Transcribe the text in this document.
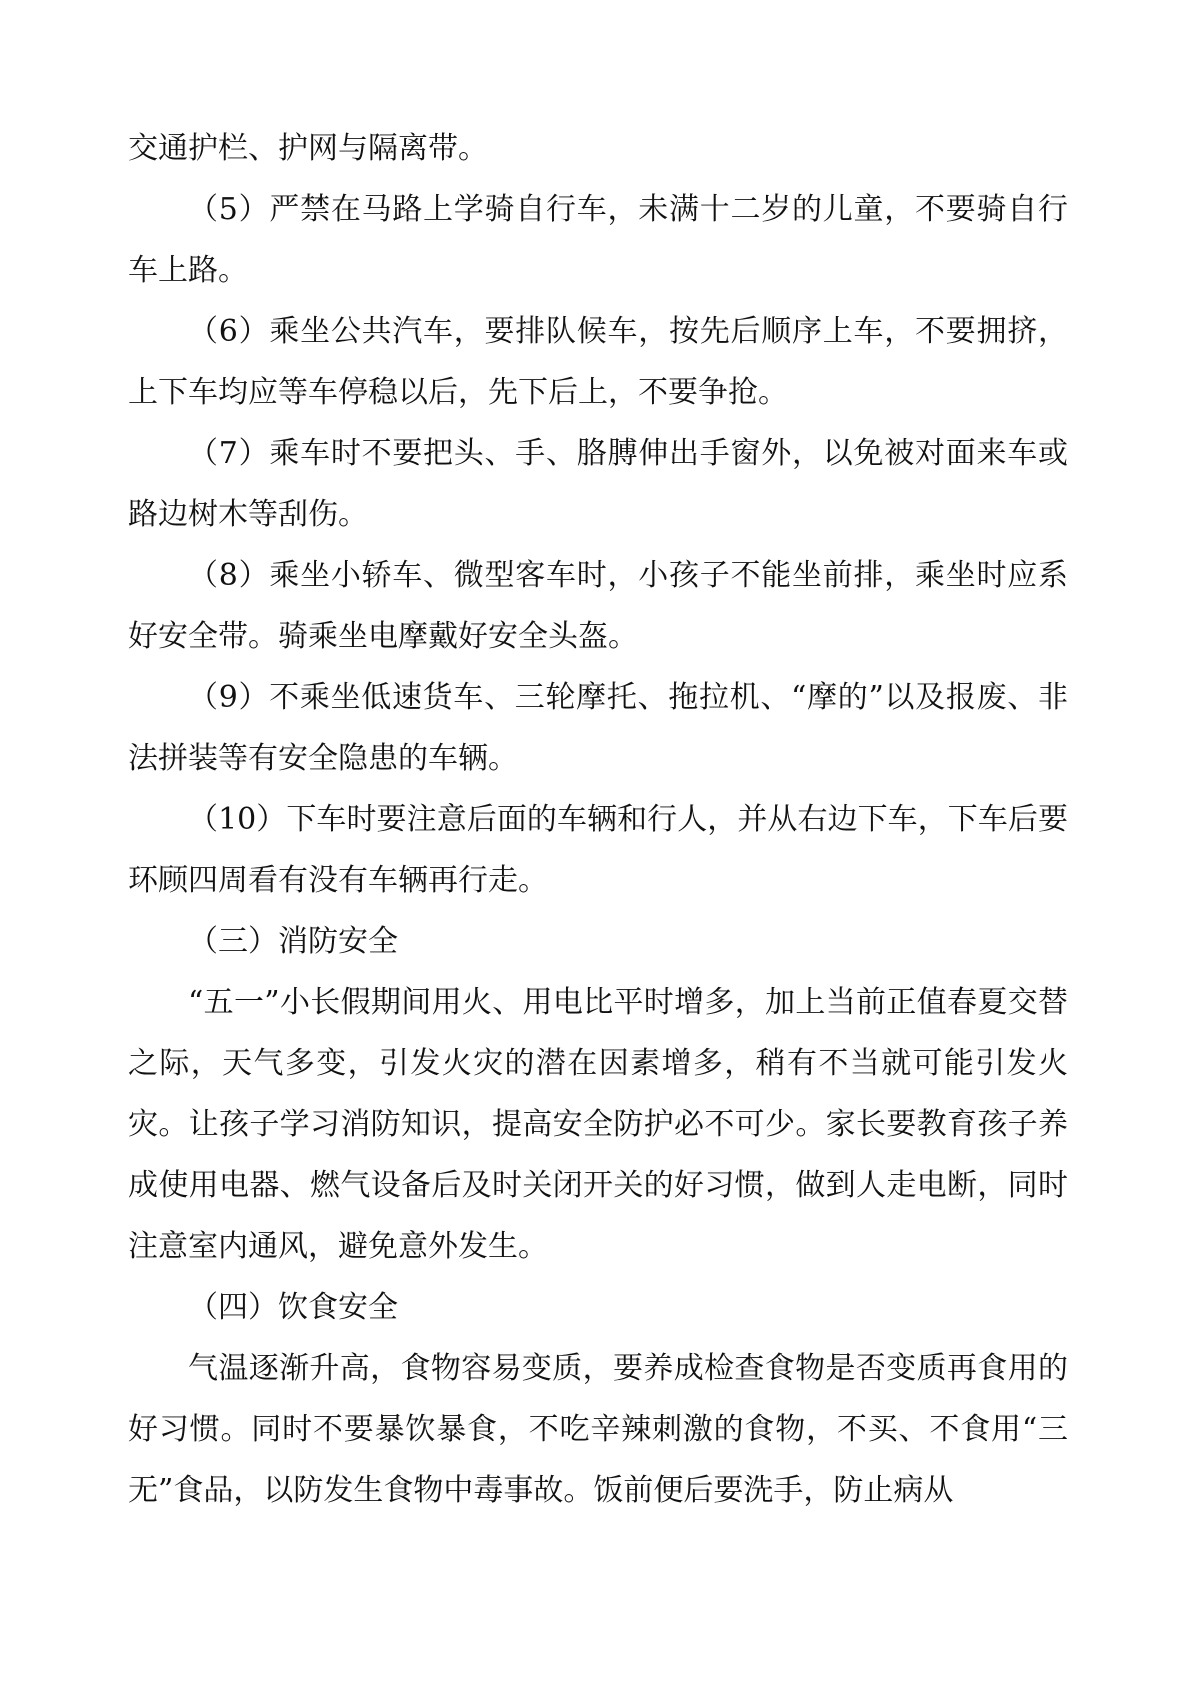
交通护栏、护网与隔离带。

（5）严禁在马路上学骑自行车，未满十二岁的儿童，不要骑自行车上路。

（6）乘坐公共汽车，要排队候车，按先后顺序上车，不要拥挤，上下车均应等车停稳以后，先下后上，不要争抢。

（7）乘车时不要把头、手、胳膊伸出手窗外，以免被对面来车或路边树木等刮伤。

（8）乘坐小轿车、微型客车时，小孩子不能坐前排，乘坐时应系好安全带。骑乘坐电摩戴好安全头盔。

（9）不乘坐低速货车、三轮摩托、拖拉机、“摩的”以及报废、非法拼装等有安全隐患的车辆。

（10）下车时要注意后面的车辆和行人，并从右边下车，下车后要环顾四周看有没有车辆再行走。

（三）消防安全

“五一”小长假期间用火、用电比平时增多，加上当前正值春夏交替之际，天气多变，引发火灾的潜在因素增多，稍有不当就可能引发火灾。让孩子学习消防知识，提高安全防护必不可少。家长要教育孩子养成使用电器、燃气设备后及时关闭开关的好习惯，做到人走电断，同时注意室内通风，避免意外发生。

（四）饮食安全

气温逐渐升高，食物容易变质，要养成检查食物是否变质再食用的好习惯。同时不要暴饮暴食，不吃辛辣刺激的食物，不买、不食用“三无”食品，以防发生食物中毒事故。饭前便后要洗手，防止病从
